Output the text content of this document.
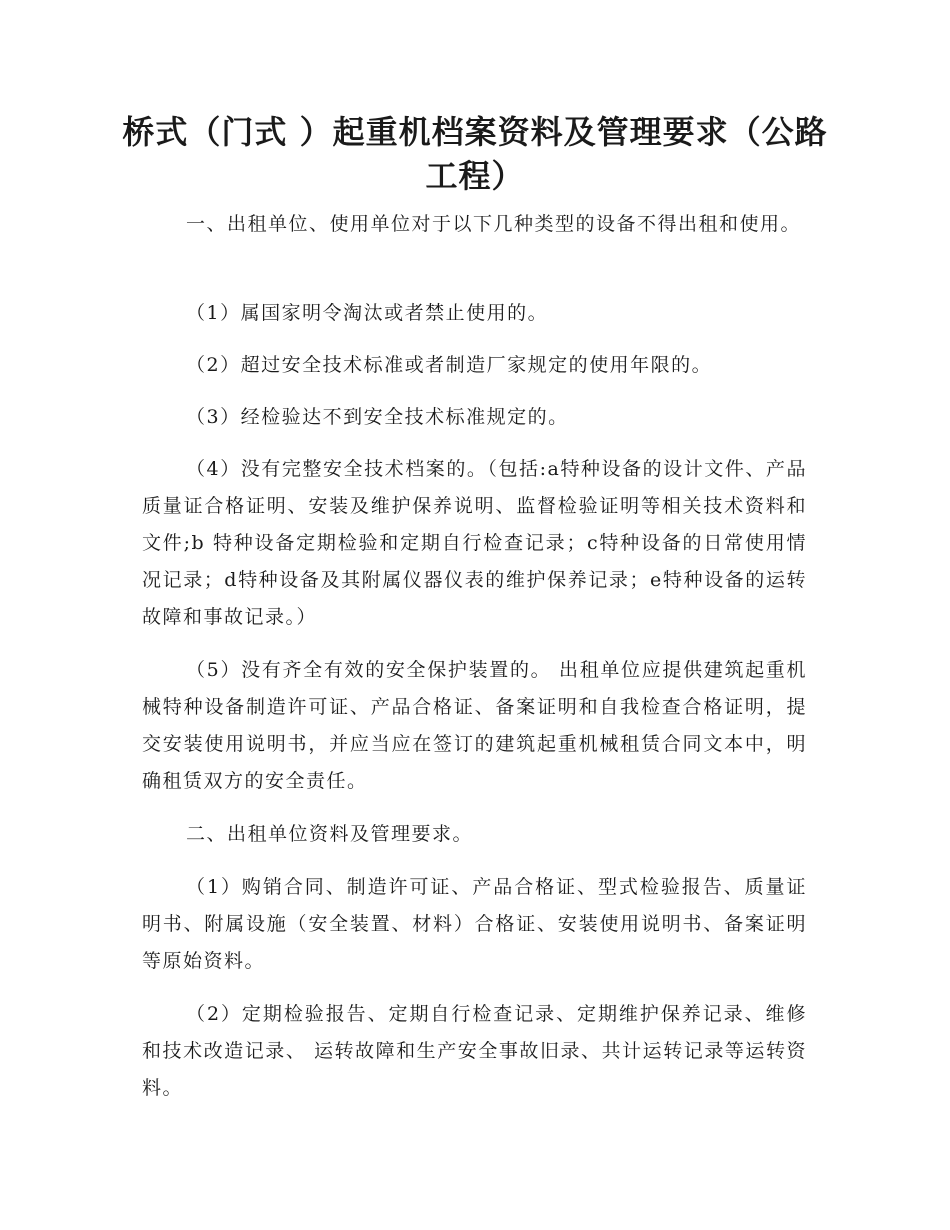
桥式（门式 ）起重机档案资料及管理要求（公路工程）

一、出租单位、使用单位对于以下几种类型的设备不得出租和使用。

（1）属国家明令淘汰或者禁止使用的。

（2）超过安全技术标准或者制造厂家规定的使用年限的。

（3）经检验达不到安全技术标准规定的。

（4）没有完整安全技术档案的。（包括:a特种设备的设计文件、产品质量证合格证明、安装及维护保养说明、监督检验证明等相关技术资料和文件;b 特种设备定期检验和定期自行检查记录；c特种设备的日常使用情况记录；d特种设备及其附属仪器仪表的维护保养记录；e特种设备的运转故障和事故记录。）

（5）没有齐全有效的安全保护装置的。 出租单位应提供建筑起重机械特种设备制造许可证、产品合格证、备案证明和自我检查合格证明，提交安装使用说明书，并应当应在签订的建筑起重机械租赁合同文本中，明确租赁双方的安全责任。

二、出租单位资料及管理要求。

（1）购销合同、制造许可证、产品合格证、型式检验报告、质量证明书、附属设施（安全装置、材料）合格证、安装使用说明书、备案证明等原始资料。

（2）定期检验报告、定期自行检查记录、定期维护保养记录、维修和技术改造记录、 运转故障和生产安全事故旧录、共计运转记录等运转资料。
